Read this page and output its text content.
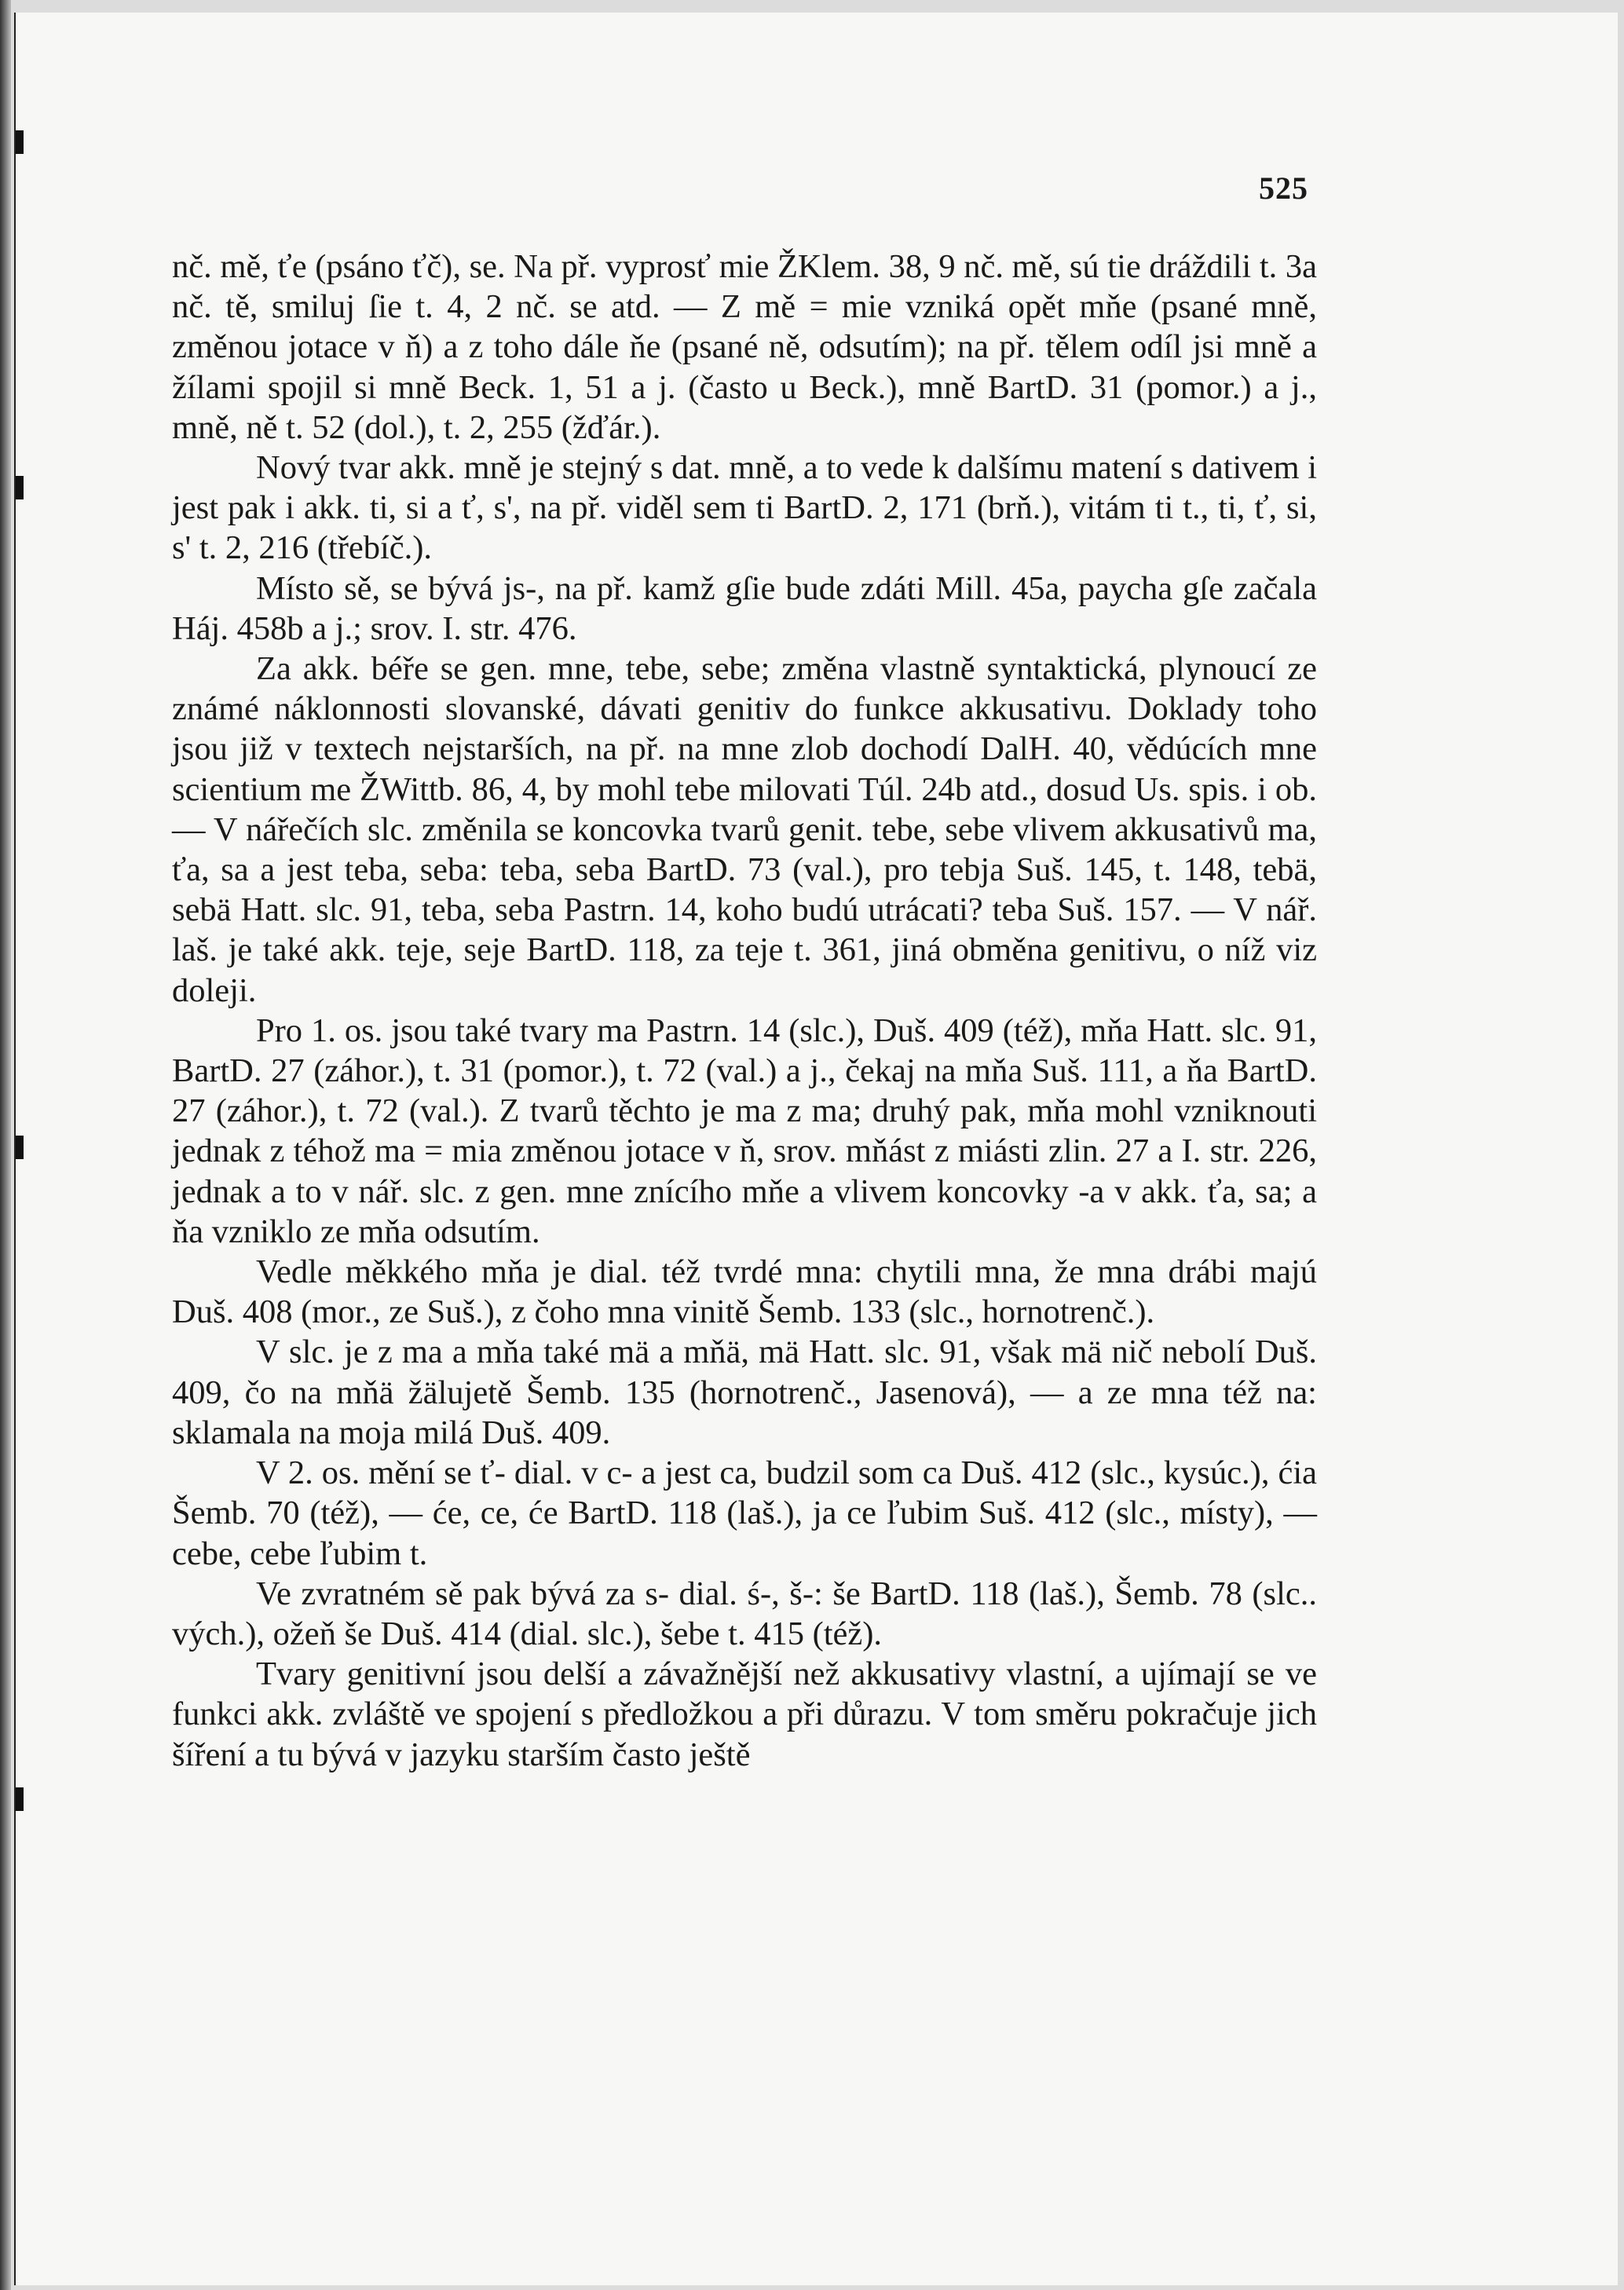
525

nč. mě, ťe (psáno ťč), se. Na př. vyprosť mie ŽKlem. 38, 9 nč. mě, sú tie dráždili t. 3a nč. tě, smiluj ſie t. 4, 2 nč. se atd. — Z mě = mie vzniká opět mňe (psané mně, změnou jotace v ň) a z toho dále ňe (psané ně, odsutím); na př. tělem odíl jsi mně a žílami spojil si mně Beck. 1, 51 a j. (často u Beck.), mně BartD. 31 (pomor.) a j., mně, ně t. 52 (dol.), t. 2, 255 (žďár.).

Nový tvar akk. mně je stejný s dat. mně, a to vede k dalšímu matení s dativem i jest pak i akk. ti, si a ť, s', na př. viděl sem ti BartD. 2, 171 (brň.), vitám ti t., ti, ť, si, s' t. 2, 216 (třebíč.).

Místo sě, se bývá js-, na př. kamž gſie bude zdáti Mill. 45a, paycha gſe začala Háj. 458b a j.; srov. I. str. 476.

Za akk. béře se gen. mne, tebe, sebe; změna vlastně syntaktická, plynoucí ze známé náklonnosti slovanské, dávati genitiv do funkce akkusativu. Doklady toho jsou již v textech nejstarších, na př. na mne zlob dochodí DalH. 40, vědúcích mne scientium me ŽWittb. 86, 4, by mohl tebe milovati Túl. 24b atd., dosud Us. spis. i ob. — V nářečích slc. změnila se koncovka tvarů genit. tebe, sebe vlivem akkusativů ma, ťa, sa a jest teba, seba: teba, seba BartD. 73 (val.), pro tebja Suš. 145, t. 148, tebä, sebä Hatt. slc. 91, teba, seba Pastrn. 14, koho budú utrácati? teba Suš. 157. — V nář. laš. je také akk. teje, seje BartD. 118, za teje t. 361, jiná obměna genitivu, o níž viz doleji.

Pro 1. os. jsou také tvary ma Pastrn. 14 (slc.), Duš. 409 (též), mňa Hatt. slc. 91, BartD. 27 (záhor.), t. 31 (pomor.), t. 72 (val.) a j., čekaj na mňa Suš. 111, a ňa BartD. 27 (záhor.), t. 72 (val.). Z tvarů těchto je ma z ma; druhý pak, mňa mohl vzniknouti jednak z téhož ma = mia změnou jotace v ň, srov. mňást z miásti zlin. 27 a I. str. 226, jednak a to v nář. slc. z gen. mne znícího mňe a vlivem koncovky -a v akk. ťa, sa; a ňa vzniklo ze mňa odsutím.

Vedle měkkého mňa je dial. též tvrdé mna: chytili mna, že mna drábi majú Duš. 408 (mor., ze Suš.), z čoho mna vinitě Šemb. 133 (slc., hornotrenč.).

V slc. je z ma a mňa také mä a mňä, mä Hatt. slc. 91, však mä nič nebolí Duš. 409, čo na mňä žälujetě Šemb. 135 (hornotrenč., Jasenová), — a ze mna též na: sklamala na moja milá Duš. 409.

V 2. os. mění se ť- dial. v c- a jest ca, budzil som ca Duš. 412 (slc., kysúc.), ćia Šemb. 70 (též), — će, ce, će BartD. 118 (laš.), ja ce ľubim Suš. 412 (slc., místy), — cebe, cebe ľubim t.

Ve zvratném sě pak bývá za s- dial. ś-, š-: še BartD. 118 (laš.), Šemb. 78 (slc.. vých.), ožeň še Duš. 414 (dial. slc.), šebe t. 415 (též).

Tvary genitivní jsou delší a závažnější než akkusativy vlastní, a ujímají se ve funkci akk. zvláště ve spojení s předložkou a při důrazu. V tom směru pokračuje jich šíření a tu bývá v jazyku starším často ještě
